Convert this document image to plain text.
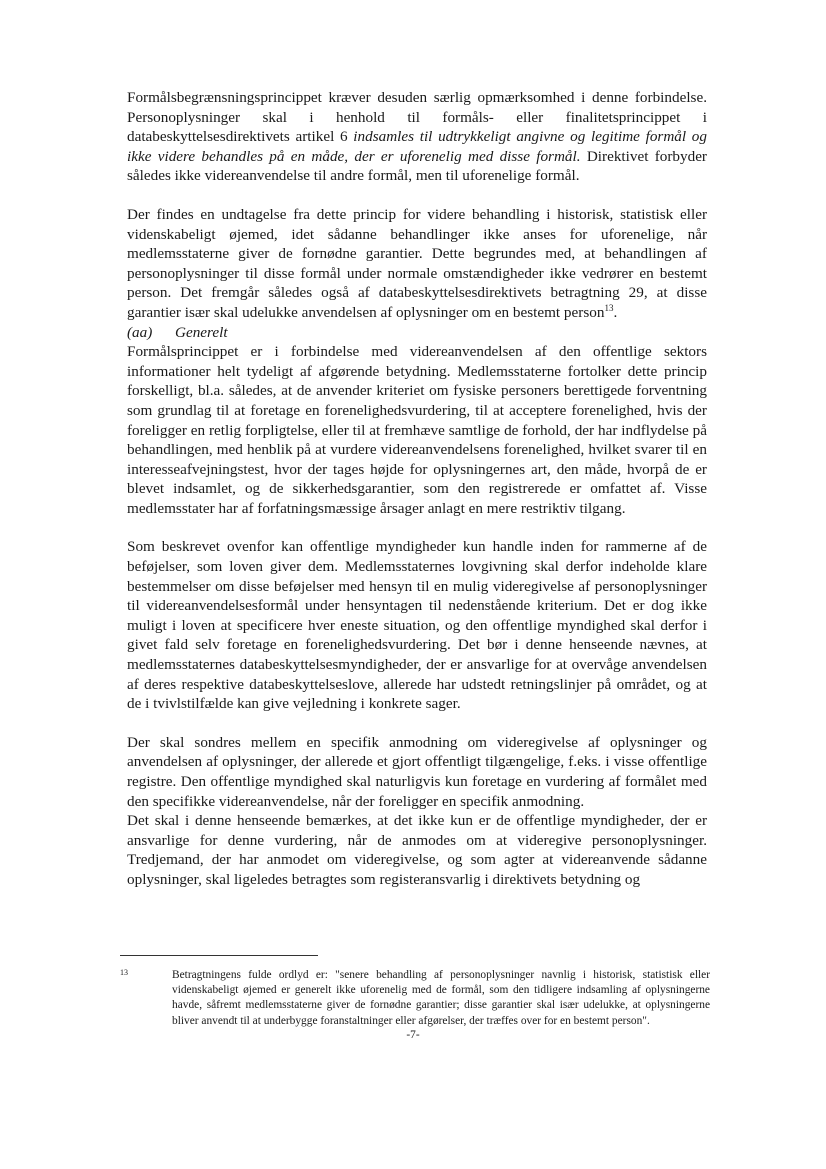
Formålsbegrænsningsprincippet kræver desuden særlig opmærksomhed i denne forbindelse. Personoplysninger skal i henhold til formåls- eller finalitetsprincippet i databeskyttelsesdirektivets artikel 6 indsamles til udtrykkeligt angivne og legitime formål og ikke videre behandles på en måde, der er uforenelig med disse formål. Direktivet forbyder således ikke videreanvendelse til andre formål, men til uforenelige formål.

Der findes en undtagelse fra dette princip for videre behandling i historisk, statistisk eller videnskabeligt øjemed, idet sådanne behandlinger ikke anses for uforenelige, når medlemsstaterne giver de fornødne garantier. Dette begrundes med, at behandlingen af personoplysninger til disse formål under normale omstændigheder ikke vedrører en bestemt person. Det fremgår således også af databeskyttelsesdirektivets betragtning 29, at disse garantier især skal udelukke anvendelsen af oplysninger om en bestemt person$^{13}$.

(aa) Generelt

Formålsprincippet er i forbindelse med videreanvendelsen af den offentlige sektors informationer helt tydeligt af afgørende betydning. Medlemsstaterne fortolker dette princip forskelligt, bl.a. således, at de anvender kriteriet om fysiske personers berettigede forventning som grundlag til at foretage en forenelighedsvurdering, til at acceptere forenelighed, hvis der foreligger en retlig forpligtelse, eller til at fremhæve samtlige de forhold, der har indflydelse på behandlingen, med henblik på at vurdere videreanvendelsens forenelighed, hvilket svarer til en interesseafvejningstest, hvor der tages højde for oplysningernes art, den måde, hvorpå de er blevet indsamlet, og de sikkerhedsgarantier, som den registrerede er omfattet af. Visse medlemsstater har af forfatningsmæssige årsager anlagt en mere restriktiv tilgang.

Som beskrevet ovenfor kan offentlige myndigheder kun handle inden for rammerne af de beføjelser, som loven giver dem. Medlemsstaternes lovgivning skal derfor indeholde klare bestemmelser om disse beføjelser med hensyn til en mulig videregivelse af personoplysninger til videreanvendelsesformål under hensyntagen til nedenstående kriterium. Det er dog ikke muligt i loven at specificere hver eneste situation, og den offentlige myndighed skal derfor i givet fald selv foretage en forenelighedsvurdering. Det bør i denne henseende nævnes, at medlemsstaternes databeskyttelsesmyndigheder, der er ansvarlige for at overvåge anvendelsen af deres respektive databeskyttelseslove, allerede har udstedt retningslinjer på området, og at de i tvivlstilfælde kan give vejledning i konkrete sager.

Der skal sondres mellem en specifik anmodning om videregivelse af oplysninger og anvendelsen af oplysninger, der allerede et gjort offentligt tilgængelige, f.eks. i visse offentlige registre. Den offentlige myndighed skal naturligvis kun foretage en vurdering af formålet med den specifikke videreanvendelse, når der foreligger en specifik anmodning.

Det skal i denne henseende bemærkes, at det ikke kun er de offentlige myndigheder, der er ansvarlige for denne vurdering, når de anmodes om at videregive personoplysninger. Tredjemand, der har anmodet om videregivelse, og som agter at videreanvende sådanne oplysninger, skal ligeledes betragtes som registeransvarlig i direktivets betydning og

13	Betragtningens fulde ordlyd er: "senere behandling af personoplysninger navnlig i historisk, statistisk eller videnskabeligt øjemed er generelt ikke uforenelig med de formål, som den tidligere indsamling af oplysningerne havde, såfremt medlemsstaterne giver de fornødne garantier; disse garantier skal især udelukke, at oplysningerne bliver anvendt til at underbygge foranstaltninger eller afgørelser, der træffes over for en bestemt person".
-7-
